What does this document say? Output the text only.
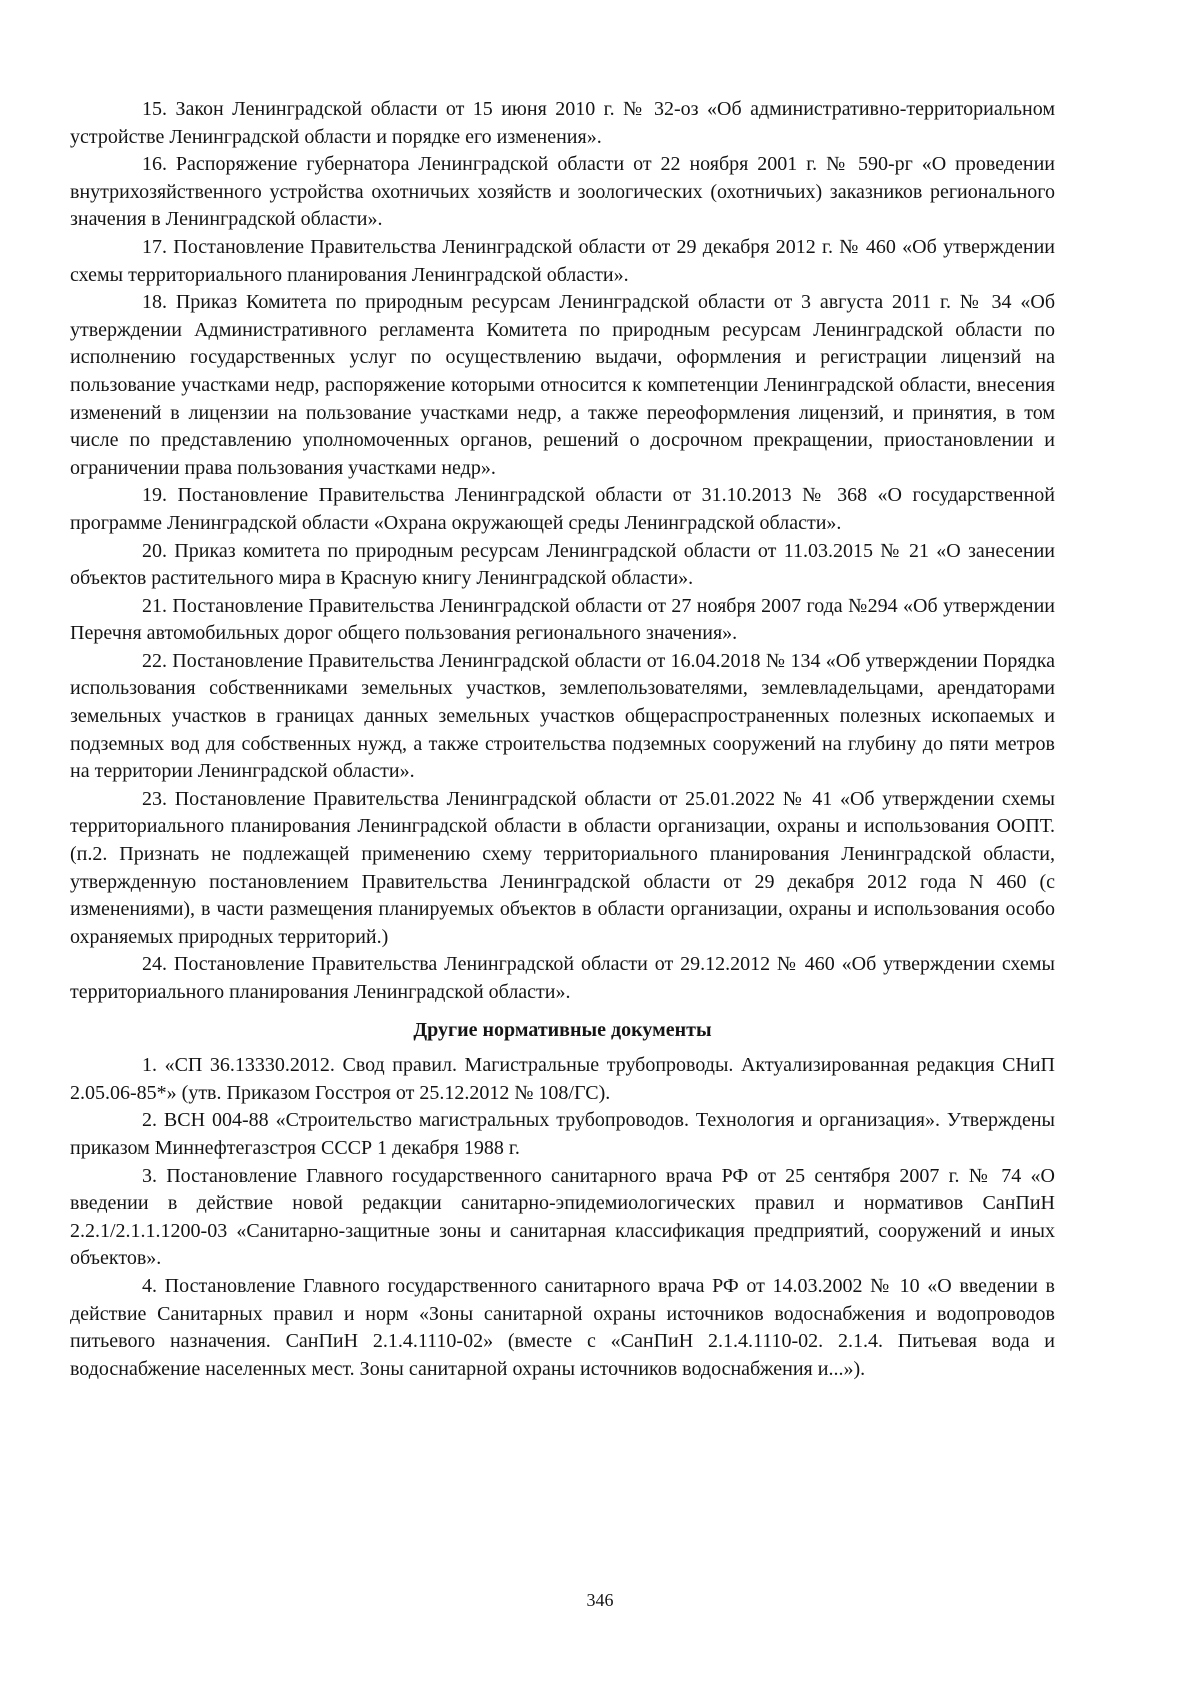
15. Закон Ленинградской области от 15 июня 2010 г. № 32-оз «Об административно-территориальном устройстве Ленинградской области и порядке его изменения».

16. Распоряжение губернатора Ленинградской области от 22 ноября 2001 г. № 590-рг «О проведении внутрихозяйственного устройства охотничьих хозяйств и зоологических (охотничьих) заказников регионального значения в Ленинградской области».

17. Постановление Правительства Ленинградской области от 29 декабря 2012 г. № 460 «Об утверждении схемы территориального планирования Ленинградской области».

18. Приказ Комитета по природным ресурсам Ленинградской области от 3 августа 2011 г. № 34 «Об утверждении Административного регламента Комитета по природным ресурсам Ленинградской области по исполнению государственных услуг по осуществлению выдачи, оформления и регистрации лицензий на пользование участками недр, распоряжение которыми относится к компетенции Ленинградской области, внесения изменений в лицензии на пользование участками недр, а также переоформления лицензий, и принятия, в том числе по представлению уполномоченных органов, решений о досрочном прекращении, приостановлении и ограничении права пользования участками недр».

19. Постановление Правительства Ленинградской области от 31.10.2013 № 368 «О государственной программе Ленинградской области «Охрана окружающей среды Ленинградской области».

20. Приказ комитета по природным ресурсам Ленинградской области от 11.03.2015 № 21 «О занесении объектов растительного мира в Красную книгу Ленинградской области».

21. Постановление Правительства Ленинградской области от 27 ноября 2007 года №294 «Об утверждении Перечня автомобильных дорог общего пользования регионального значения».

22. Постановление Правительства Ленинградской области от 16.04.2018 № 134 «Об утверждении Порядка использования собственниками земельных участков, землепользователями, землевладельцами, арендаторами земельных участков в границах данных земельных участков общераспространенных полезных ископаемых и подземных вод для собственных нужд, а также строительства подземных сооружений на глубину до пяти метров на территории Ленинградской области».

23. Постановление Правительства Ленинградской области от 25.01.2022 № 41 «Об утверждении схемы территориального планирования Ленинградской области в области организации, охраны и использования ООПТ. (п.2. Признать не подлежащей применению схему территориального планирования Ленинградской области, утвержденную постановлением Правительства Ленинградской области от 29 декабря 2012 года N 460 (с изменениями), в части размещения планируемых объектов в области организации, охраны и использования особо охраняемых природных территорий.)

24. Постановление Правительства Ленинградской области от 29.12.2012 № 460 «Об утверждении схемы территориального планирования Ленинградской области».

Другие нормативные документы

1. «СП 36.13330.2012. Свод правил. Магистральные трубопроводы. Актуализированная редакция СНиП 2.05.06-85*» (утв. Приказом Госстроя от 25.12.2012 № 108/ГС).

2. ВСН 004-88 «Строительство магистральных трубопроводов. Технология и организация». Утверждены приказом Миннефтегазстроя СССР 1 декабря 1988 г.

3. Постановление Главного государственного санитарного врача РФ от 25 сентября 2007 г. № 74 «О введении в действие новой редакции санитарно-эпидемиологических правил и нормативов СанПиН 2.2.1/2.1.1.1200-03 «Санитарно-защитные зоны и санитарная классификация предприятий, сооружений и иных объектов».

4. Постановление Главного государственного санитарного врача РФ от 14.03.2002 № 10 «О введении в действие Санитарных правил и норм «Зоны санитарной охраны источников водоснабжения и водопроводов питьевого назначения. СанПиН 2.1.4.1110-02» (вместе с «СанПиН 2.1.4.1110-02. 2.1.4. Питьевая вода и водоснабжение населенных мест. Зоны санитарной охраны источников водоснабжения и...»).

346
